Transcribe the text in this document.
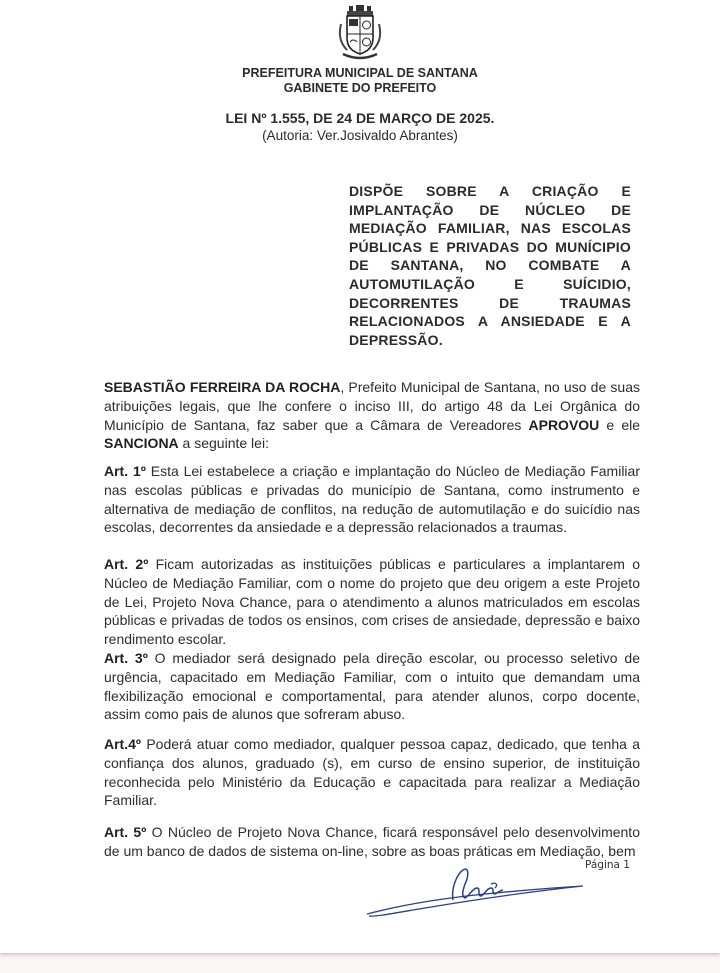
PREFEITURA MUNICIPAL DE SANTANA
GABINETE DO PREFEITO
LEI Nº 1.555, DE 24 DE MARÇO DE 2025.
(Autoria: Ver.Josivaldo Abrantes)
DISPÕE SOBRE A CRIAÇÃO E IMPLANTAÇÃO DE NÚCLEO DE MEDIAÇÃO FAMILIAR, NAS ESCOLAS PÚBLICAS E PRIVADAS DO MUNÍCIPIO DE SANTANA, NO COMBATE A AUTOMUTILAÇÃO E SUÍCIDIO, DECORRENTES DE TRAUMAS RELACIONADOS A ANSIEDADE E A
DEPRESSÃO.
SEBASTIÃO FERREIRA DA ROCHA, Prefeito Municipal de Santana, no uso de suas atribuições legais, que lhe confere o inciso III, do artigo 48 da Lei Orgânica do Município de Santana, faz saber que a Câmara de Vereadores APROVOU e ele SANCIONA a seguinte lei:
Art. 1º Esta Lei estabelece a criação e implantação do Núcleo de Mediação Familiar nas escolas públicas e privadas do município de Santana, como instrumento e alternativa de mediação de conflitos, na redução de automutilação e do suicídio nas escolas, decorrentes da ansiedade e a depressão relacionados a traumas.
Art. 2º Ficam autorizadas as instituições públicas e particulares a implantarem o Núcleo de Mediação Familiar, com o nome do projeto que deu origem a este Projeto de Lei, Projeto Nova Chance, para o atendimento a alunos matriculados em escolas públicas e privadas de todos os ensinos, com crises de ansiedade, depressão e baixo rendimento escolar.
Art. 3º O mediador será designado pela direção escolar, ou processo seletivo de urgência, capacitado em Mediação Familiar, com o intuito que demandam uma flexibilização emocional e comportamental, para atender alunos, corpo docente, assim como pais de alunos que sofreram abuso.
Art.4º Poderá atuar como mediador, qualquer pessoa capaz, dedicado, que tenha a confiança dos alunos, graduado (s), em curso de ensino superior, de instituição reconhecida pelo Ministério da Educação e capacitada para realizar a Mediação Familiar.
Art. 5º O Núcleo de Projeto Nova Chance, ficará responsável pelo desenvolvimento de um banco de dados de sistema on-line, sobre as boas práticas em Mediação, bem
Página 1
